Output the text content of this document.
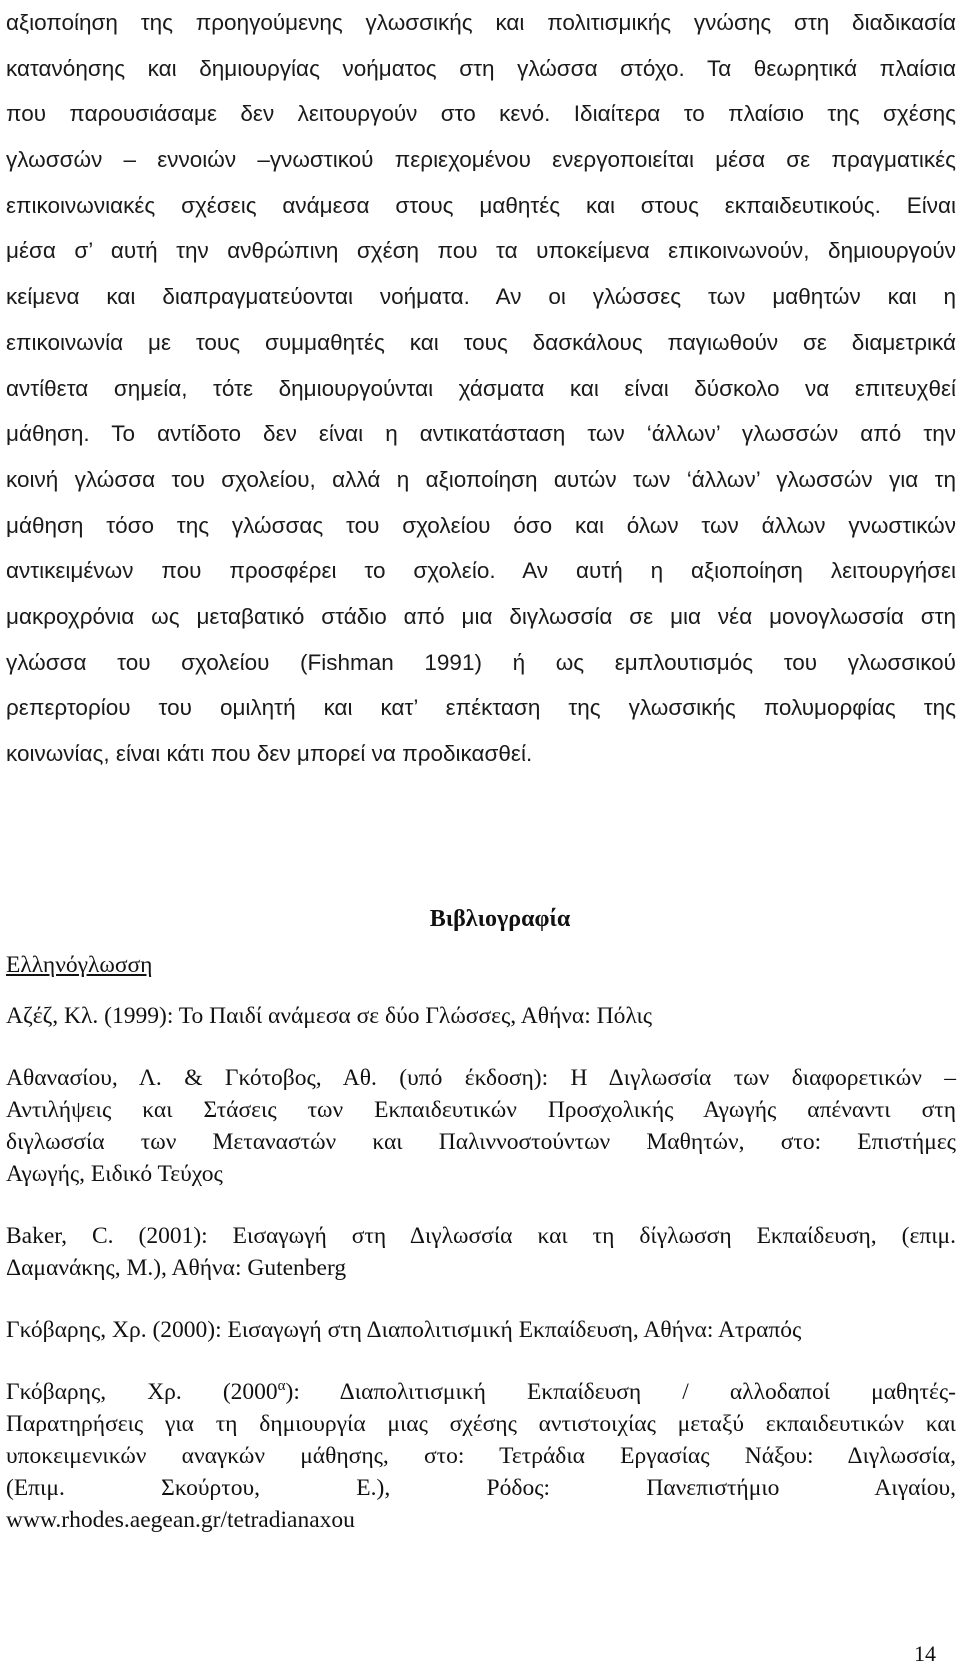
αξιοποίηση της προηγούμενης γλωσσικής και πολιτισμικής γνώσης στη διαδικασία
κατανόησης και δημιουργίας νοήματος στη γλώσσα στόχο. Τα θεωρητικά πλαίσια
που παρουσιάσαμε δεν λειτουργούν στο κενό. Ιδιαίτερα το πλαίσιο της σχέσης
γλωσσών – εννοιών –γνωστικού περιεχομένου ενεργοποιείται μέσα σε πραγματικές
επικοινωνιακές σχέσεις ανάμεσα στους μαθητές και στους εκπαιδευτικούς. Είναι
μέσα σ’ αυτή την ανθρώπινη σχέση που τα υποκείμενα επικοινωνούν, δημιουργούν
κείμενα και διαπραγματεύονται νοήματα. Αν οι γλώσσες των μαθητών και η
επικοινωνία με τους συμμαθητές και τους δασκάλους παγιωθούν σε διαμετρικά
αντίθετα σημεία, τότε δημιουργούνται χάσματα και είναι δύσκολο να επιτευχθεί
μάθηση. Το αντίδοτο δεν είναι η αντικατάσταση των ‘άλλων’ γλωσσών από την
κοινή γλώσσα του σχολείου, αλλά η αξιοποίηση αυτών των ‘άλλων’ γλωσσών για τη
μάθηση τόσο της γλώσσας του σχολείου όσο και όλων των άλλων γνωστικών
αντικειμένων που προσφέρει το σχολείο. Αν αυτή η αξιοποίηση λειτουργήσει
μακροχρόνια ως μεταβατικό στάδιο από μια διγλωσσία σε μια νέα μονογλωσσία στη
γλώσσα του σχολείου (Fishman 1991) ή ως εμπλουτισμός του γλωσσικού
ρεπερτορίου του ομιλητή και κατ’ επέκταση της γλωσσικής πολυμορφίας της
κοινωνίας, είναι κάτι που δεν μπορεί να προδικασθεί.
Βιβλιογραφία
Ελληνόγλωσση
Αζέζ, Κλ. (1999): Το Παιδί ανάμεσα σε δύο Γλώσσες, Αθήνα: Πόλις
Αθανασίου, Λ. & Γκότοβος, Αθ. (υπό έκδοση): Η Διγλωσσία των διαφορετικών –
Αντιλήψεις και Στάσεις των Εκπαιδευτικών Προσχολικής Αγωγής απέναντι στη
διγλωσσία των Μεταναστών και Παλιννοστούντων Μαθητών, στο: Επιστήμες
Αγωγής, Ειδικό Τεύχος
Baker, C. (2001): Εισαγωγή στη Διγλωσσία και τη δίγλωσση Εκπαίδευση, (επιμ.
Δαμανάκης, Μ.), Αθήνα: Gutenberg
Γκόβαρης, Χρ. (2000): Εισαγωγή στη Διαπολιτισμική Εκπαίδευση, Αθήνα: Ατραπός
Γκόβαρης, Χρ. $(2000^\alpha)$: Διαπολιτισμική Εκπαίδευση / αλλοδαποί μαθητές-
Παρατηρήσεις για τη δημιουργία μιας σχέσης αντιστοιχίας μεταξύ εκπαιδευτικών και
υποκειμενικών αναγκών μάθησης, στο: Τετράδια Εργασίας Νάξου: Διγλωσσία,
(Επιμ. Σκούρτου, Ε.), Ρόδος: Πανεπιστήμιο Αιγαίου,
www.rhodes.aegean.gr/tetradianaxou
14
